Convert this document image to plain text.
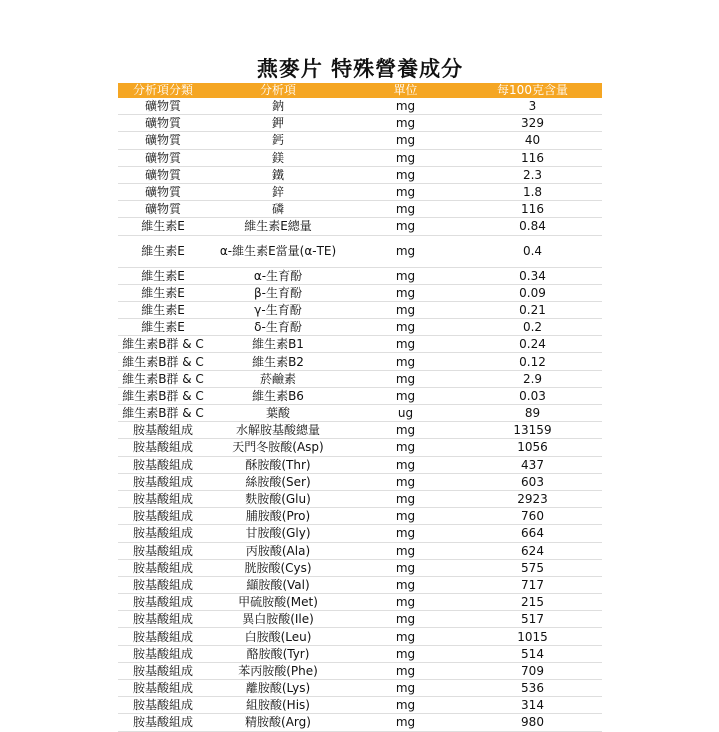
燕麥片 特殊營養成分
分析項分類	分析項	單位	每100克含量
礦物質	鈉	mg	3
礦物質	鉀	mg	329
礦物質	鈣	mg	40
礦物質	鎂	mg	116
礦物質	鐵	mg	2.3
礦物質	鋅	mg	1.8
礦物質	磷	mg	116
維生素E	維生素E總量	mg	0.84
維生素E	α-維生素E當量(α-TE)	mg	0.4
維生素E	α-生育酚	mg	0.34
維生素E	β-生育酚	mg	0.09
維生素E	γ-生育酚	mg	0.21
維生素E	δ-生育酚	mg	0.2
維生素B群 & C	維生素B1	mg	0.24
維生素B群 & C	維生素B2	mg	0.12
維生素B群 & C	菸鹼素	mg	2.9
維生素B群 & C	維生素B6	mg	0.03
維生素B群 & C	葉酸	ug	89
胺基酸組成	水解胺基酸總量	mg	13159
胺基酸組成	天門冬胺酸(Asp)	mg	1056
胺基酸組成	酥胺酸(Thr)	mg	437
胺基酸組成	絲胺酸(Ser)	mg	603
胺基酸組成	麩胺酸(Glu)	mg	2923
胺基酸組成	脯胺酸(Pro)	mg	760
胺基酸組成	甘胺酸(Gly)	mg	664
胺基酸組成	丙胺酸(Ala)	mg	624
胺基酸組成	胱胺酸(Cys)	mg	575
胺基酸組成	纈胺酸(Val)	mg	717
胺基酸組成	甲硫胺酸(Met)	mg	215
胺基酸組成	異白胺酸(Ile)	mg	517
胺基酸組成	白胺酸(Leu)	mg	1015
胺基酸組成	酪胺酸(Tyr)	mg	514
胺基酸組成	苯丙胺酸(Phe)	mg	709
胺基酸組成	離胺酸(Lys)	mg	536
胺基酸組成	組胺酸(His)	mg	314
胺基酸組成	精胺酸(Arg)	mg	980
